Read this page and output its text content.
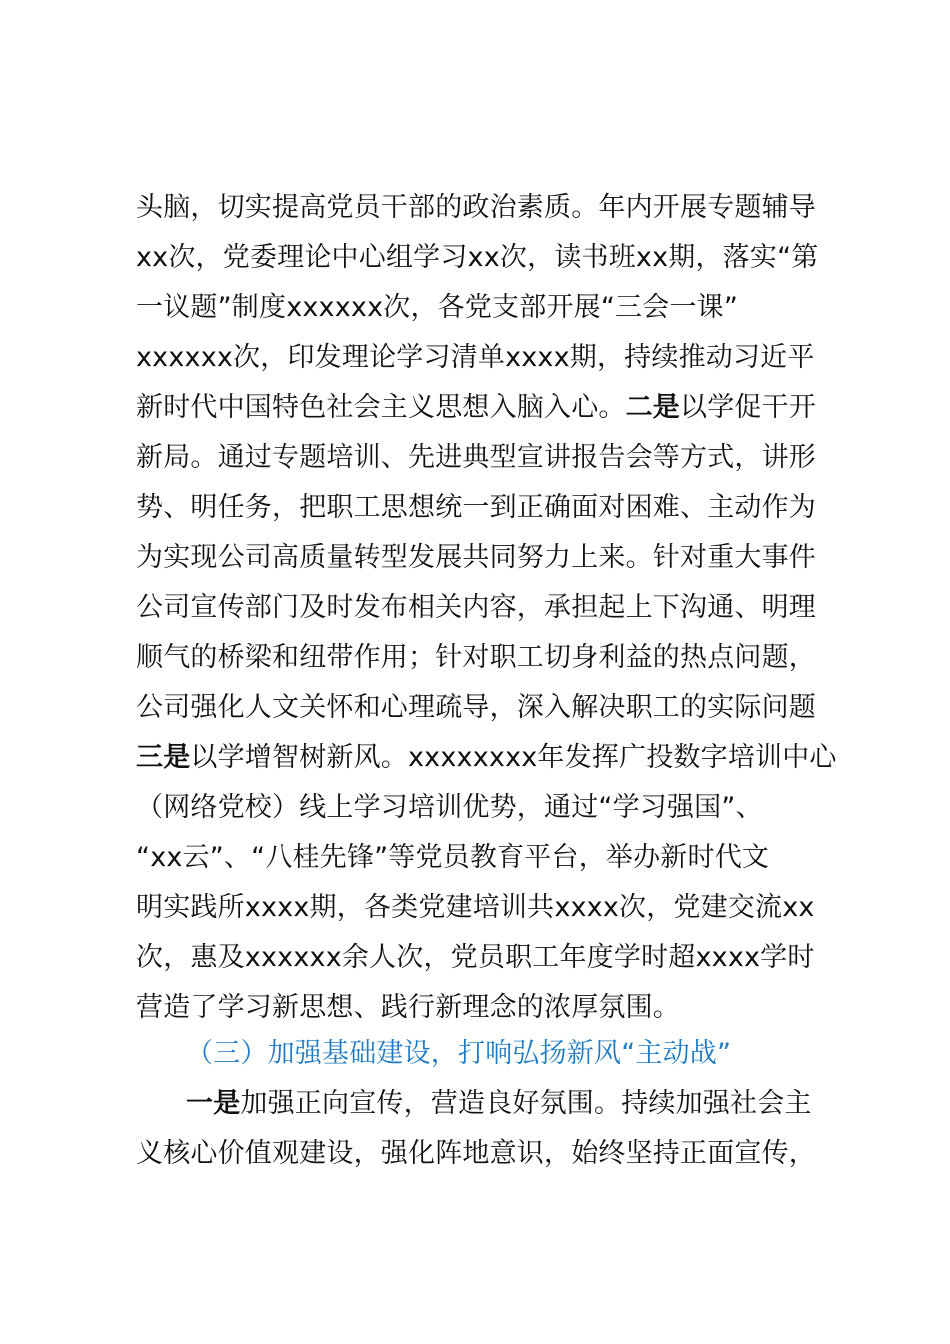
头脑，切实提高党员干部的政治素质。年内开展专题辅导
xx次，党委理论中心组学习xx次，读书班xx期，落实“第
一议题”制度xxxxxx次，各党支部开展“三会一课”
xxxxxx次，印发理论学习清单xxxx期，持续推动习近平
新时代中国特色社会主义思想入脑入心。二是以学促干开
新局。通过专题培训、先进典型宣讲报告会等方式，讲形
势、明任务，把职工思想统一到正确面对困难、主动作为
为实现公司高质量转型发展共同努力上来。针对重大事件
公司宣传部门及时发布相关内容，承担起上下沟通、明理
顺气的桥梁和纽带作用；针对职工切身利益的热点问题，
公司强化人文关怀和心理疏导，深入解决职工的实际问题
三是以学增智树新风。xxxxxxxx年发挥广投数字培训中心
（网络党校）线上学习培训优势，通过“学习强国”、
“xx云”、“八桂先锋”等党员教育平台，举办新时代文
明实践所xxxx期，各类党建培训共xxxx次，党建交流xx
次，惠及xxxxxx余人次，党员职工年度学时超xxxx学时
营造了学习新思想、践行新理念的浓厚氛围。
（三）加强基础建设，打响弘扬新风“主动战”
一是加强正向宣传，营造良好氛围。持续加强社会主
义核心价值观建设，强化阵地意识，始终坚持正面宣传，
